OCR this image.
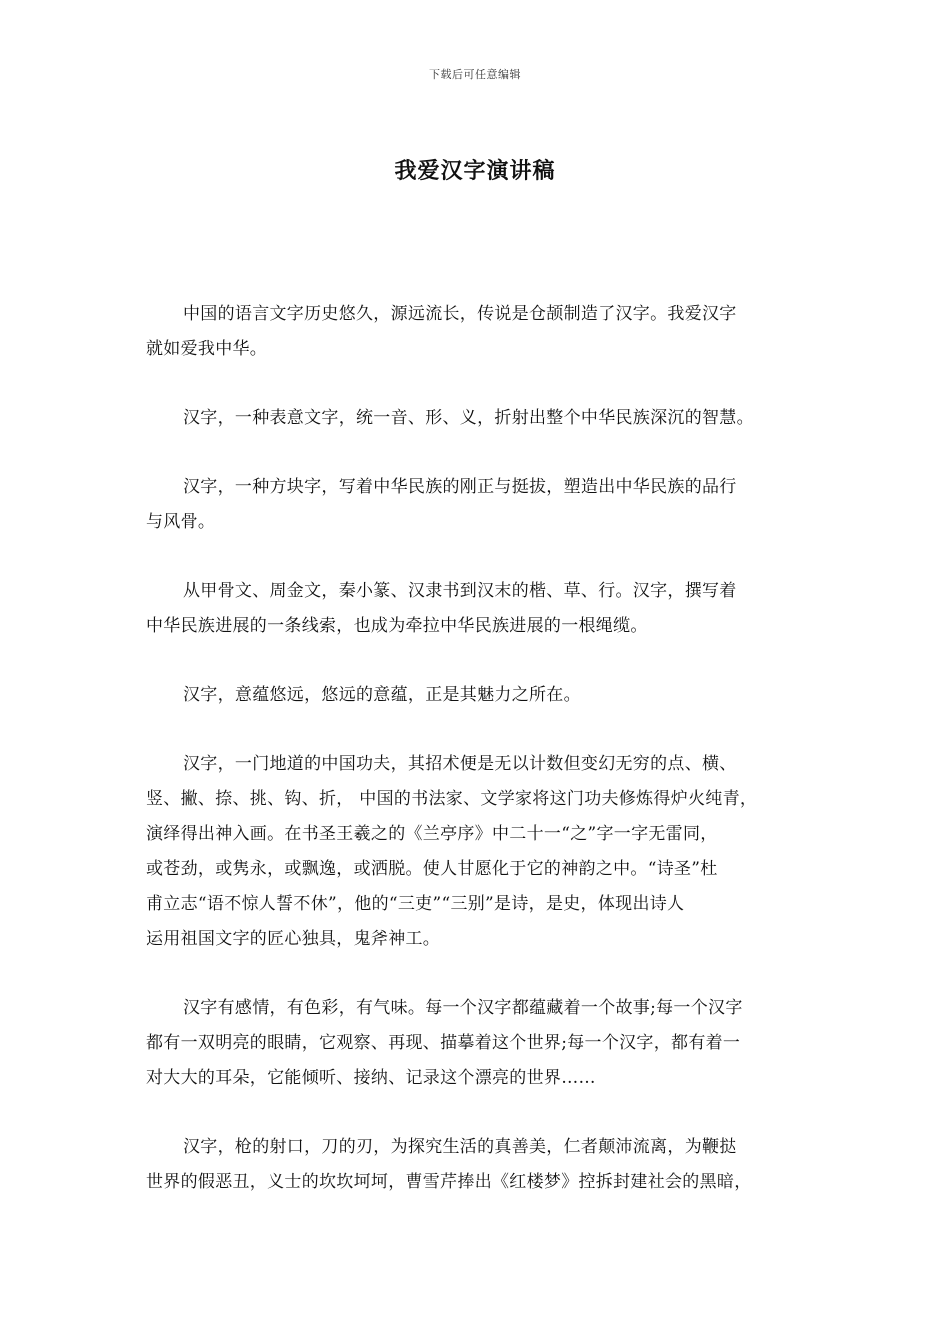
下载后可任意编辑
我爱汉字演讲稿

中国的语言文字历史悠久，源远流长，传说是仓颉制造了汉字。我爱汉字
就如爱我中华。

汉字，一种表意文字，统一音、形、义，折射出整个中华民族深沉的智慧。

汉字，一种方块字，写着中华民族的刚正与挺拔，塑造出中华民族的品行
与风骨。

从甲骨文、周金文，秦小篆、汉隶书到汉末的楷、草、行。汉字，撰写着
中华民族进展的一条线索，也成为牵拉中华民族进展的一根绳缆。

汉字，意蕴悠远，悠远的意蕴，正是其魅力之所在。

汉字，一门地道的中国功夫，其招术便是无以计数但变幻无穷的点、横、
竖、撇、捺、挑、钩、折， 中国的书法家、文学家将这门功夫修炼得炉火纯青，
演绎得出神入画。在书圣王羲之的《兰亭序》中二十一“之”字一字无雷同，
或苍劲，或隽永，或飘逸，或洒脱。使人甘愿化于它的神韵之中。“诗圣”杜
甫立志“语不惊人誓不休”，他的“三吏”“三别”是诗，是史，体现出诗人
运用祖国文字的匠心独具，鬼斧神工。

汉字有感情，有色彩，有气味。每一个汉字都蕴藏着一个故事;每一个汉字
都有一双明亮的眼睛，它观察、再现、描摹着这个世界;每一个汉字，都有着一
对大大的耳朵，它能倾听、接纳、记录这个漂亮的世界……

汉字，枪的射口，刀的刃，为探究生活的真善美，仁者颠沛流离，为鞭挞
世界的假恶丑，义士的坎坎坷坷，曹雪芹捧出《红楼梦》控拆封建社会的黑暗，
